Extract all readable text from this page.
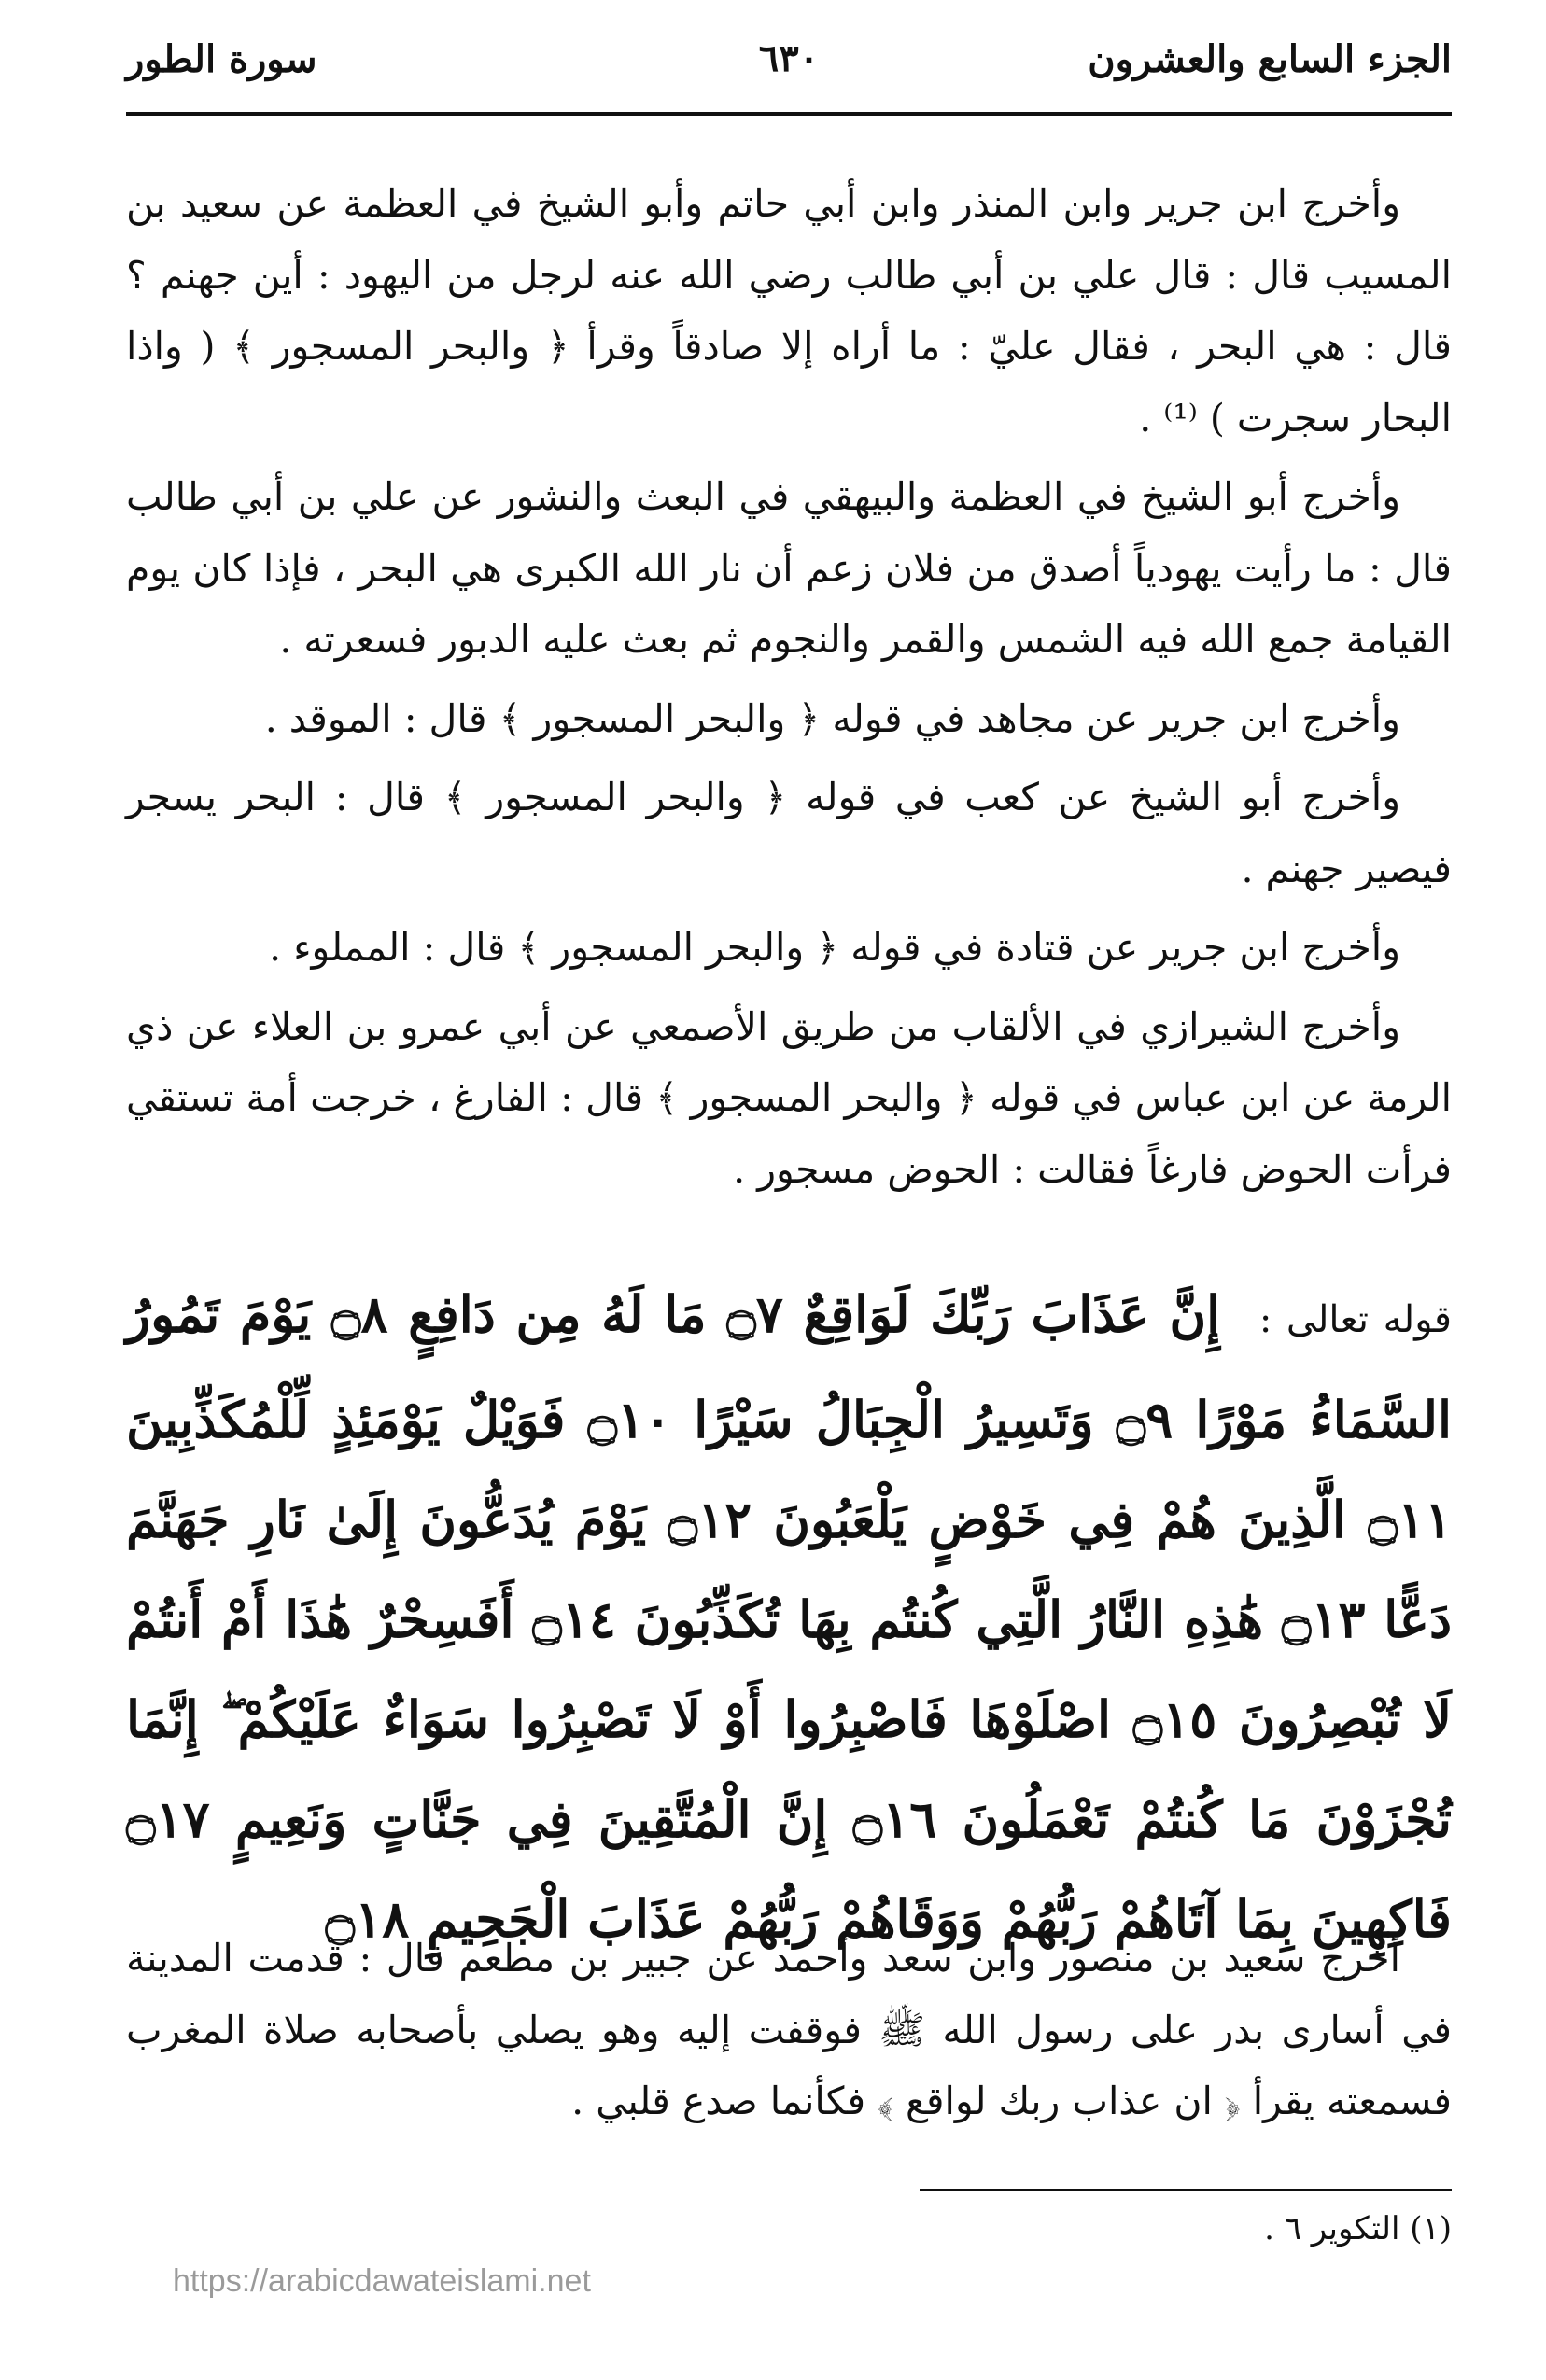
الجزء السابع والعشرون
٦٣٠
سورة الطور

وأخرج ابن جرير وابن المنذر وابن أبي حاتم وأبو الشيخ في العظمة عن سعيد بن المسيب قال : قال علي بن أبي طالب رضي الله عنه لرجل من اليهود : أين جهنم ؟ قال : هي البحر ، فقال عليّ : ما أراه إلا صادقاً وقرأ ﴿ والبحر المسجور ﴾ ( واذا البحار سجرت ) ⁽¹⁾ .

وأخرج أبو الشيخ في العظمة والبيهقي في البعث والنشور عن علي بن أبي طالب قال : ما رأيت يهودياً أصدق من فلان زعم أن نار الله الكبرى هي البحر ، فإذا كان يوم القيامة جمع الله فيه الشمس والقمر والنجوم ثم بعث عليه الدبور فسعرته .

وأخرج ابن جرير عن مجاهد في قوله ﴿ والبحر المسجور ﴾ قال : الموقد .

وأخرج أبو الشيخ عن كعب في قوله ﴿ والبحر المسجور ﴾ قال : البحر يسجر فيصير جهنم .

وأخرج ابن جرير عن قتادة في قوله ﴿ والبحر المسجور ﴾ قال : المملوء .

وأخرج الشيرازي في الألقاب من طريق الأصمعي عن أبي عمرو بن العلاء عن ذي الرمة عن ابن عباس في قوله ﴿ والبحر المسجور ﴾ قال : الفارغ ، خرجت أمة تستقي فرأت الحوض فارغاً فقالت : الحوض مسجور .

قوله تعالى : إِنَّ عَذَابَ رَبِّكَ لَوَاقِعٌ ۝٧ مَا لَهُ مِن دَافِعٍ ۝٨ يَوْمَ تَمُورُ السَّمَاءُ مَوْرًا ۝٩ وَتَسِيرُ الْجِبَالُ سَيْرًا ۝١٠ فَوَيْلٌ يَوْمَئِذٍ لِّلْمُكَذِّبِينَ ۝١١ الَّذِينَ هُمْ فِي خَوْضٍ يَلْعَبُونَ ۝١٢ يَوْمَ يُدَعُّونَ إِلَىٰ نَارِ جَهَنَّمَ دَعًّا ۝١٣ هَٰذِهِ النَّارُ الَّتِي كُنتُم بِهَا تُكَذِّبُونَ ۝١٤ أَفَسِحْرٌ هَٰذَا أَمْ أَنتُمْ لَا تُبْصِرُونَ ۝١٥ اصْلَوْهَا فَاصْبِرُوا أَوْ لَا تَصْبِرُوا سَوَاءٌ عَلَيْكُمْ ۖ إِنَّمَا تُجْزَوْنَ مَا كُنتُمْ تَعْمَلُونَ ۝١٦ إِنَّ الْمُتَّقِينَ فِي جَنَّاتٍ وَنَعِيمٍ ۝١٧ فَاكِهِينَ بِمَا آتَاهُمْ رَبُّهُمْ وَوَقَاهُمْ رَبُّهُمْ عَذَابَ الْجَحِيمِ ۝١٨

أخرج سعيد بن منصور وابن سعد وأحمد عن جبير بن مطعم قال : قدمت المدينة في أسارى بدر على رسول الله ﷺ فوقفت إليه وهو يصلي بأصحابه صلاة المغرب فسمعته يقرأ ﴿ ان عذاب ربك لواقع ﴾ فكأنما صدع قلبي .

(١) التكوير ٦ .
https://arabicdawateislami.net
